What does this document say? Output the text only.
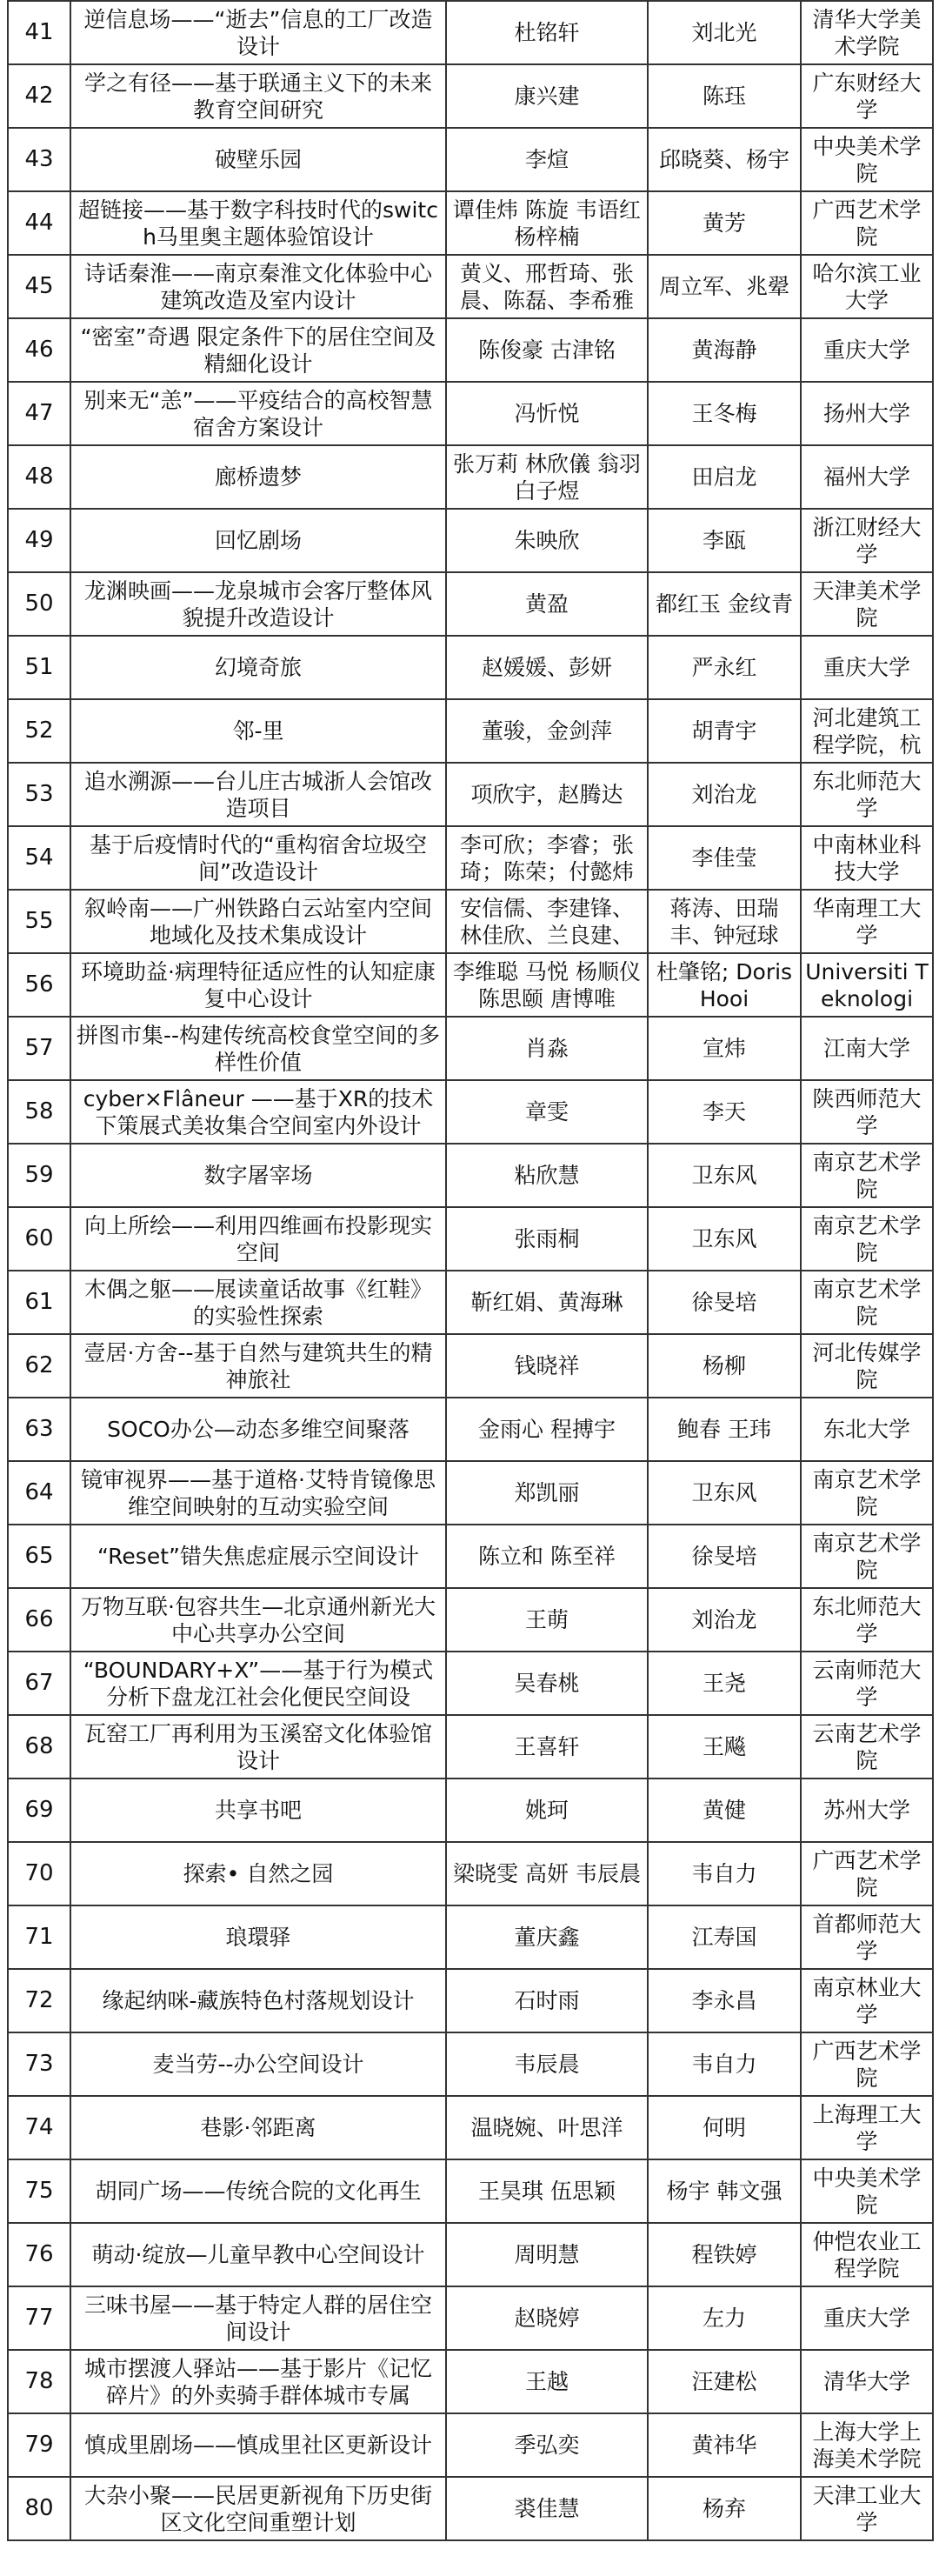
41	逆信息场——“逝去”信息的工厂改造设计	杜铭轩	刘北光	清华大学美术学院
42	学之有径——基于联通主义下的未来教育空间研究	康兴建	陈珏	广东财经大学
43	破壁乐园	李煊	邱晓葵、杨宇	中央美术学院
44	超链接——基于数字科技时代的switch马里奥主题体验馆设计	谭佳炜 陈旋 韦语红 杨梓楠	黄芳	广西艺术学院
45	诗话秦淮——南京秦淮文化体验中心建筑改造及室内设计	黄义、邢哲琦、张晨、陈磊、李希雅	周立军、兆翚	哈尔滨工业大学
46	“密室”奇遇 限定条件下的居住空间及精細化设计	陈俊豪 古津铭	黄海静	重庆大学
47	别来无“恙”——平疫结合的高校智慧宿舍方案设计	冯忻悦	王冬梅	扬州大学
48	廊桥遗梦	张万莉 林欣儀 翁羽 白子煜	田启龙	福州大学
49	回忆剧场	朱映欣	李瓯	浙江财经大学
50	龙渊映画——龙泉城市会客厅整体风貌提升改造设计	黄盈	都红玉 金纹青	天津美术学院
51	幻境奇旅	赵媛媛、彭妍	严永红	重庆大学
52	邻-里	董骏，金剑萍	胡青宇	河北建筑工程学院，杭
53	追水溯源——台儿庄古城浙人会馆改造项目	项欣宇，赵腾达	刘治龙	东北师范大学
54	基于后疫情时代的“重构宿舍垃圾空间”改造设计	李可欣；李睿；张琦；陈荣；付懿炜	李佳莹	中南林业科技大学
55	叙岭南——广州铁路白云站室内空间地域化及技术集成设计	安信儒、李建锋、林佳欣、兰良建、	蒋涛、田瑞丰、钟冠球	华南理工大学
56	环境助益·病理特征适应性的认知症康复中心设计	李维聪 马悦 杨顺仪 陈思颐 唐博唯	杜肇铭; Doris Hooi	Universiti Teknologi
57	拼图市集--构建传统高校食堂空间的多样性价值	肖淼	宣炜	江南大学
58	cyber×Flâneur ——基于XR的技术下策展式美妆集合空间室内外设计	章雯	李天	陕西师范大学
59	数字屠宰场	粘欣慧	卫东风	南京艺术学院
60	向上所绘——利用四维画布投影现实空间	张雨桐	卫东风	南京艺术学院
61	木偶之躯——展读童话故事《红鞋》的实验性探索	靳红娟、黄海琳	徐旻培	南京艺术学院
62	壹居·方舍--基于自然与建筑共生的精神旅社	钱晓祥	杨柳	河北传媒学院
63	SOCO办公—动态多维空间聚落	金雨心 程搏宇	鲍春 王玮	东北大学
64	镜审视界——基于道格·艾特肯镜像思维空间映射的互动实验空间	郑凯丽	卫东风	南京艺术学院
65	“Reset”错失焦虑症展示空间设计	陈立和 陈至祥	徐旻培	南京艺术学院
66	万物互联·包容共生—北京通州新光大中心共享办公空间	王萌	刘治龙	东北师范大学
67	“BOUNDARY+X”——基于行为模式分析下盘龙江社会化便民空间设	吴春桃	王尧	云南师范大学
68	瓦窑工厂再利用为玉溪窑文化体验馆设计	王喜轩	王飚	云南艺术学院
69	共享书吧	姚珂	黄健	苏州大学
70	探索• 自然之园	梁晓雯 高妍 韦辰晨	韦自力	广西艺术学院
71	琅環驿	董庆鑫	江寿国	首都师范大学
72	缘起纳咪-藏族特色村落规划设计	石时雨	李永昌	南京林业大学
73	麦当劳--办公空间设计	韦辰晨	韦自力	广西艺术学院
74	巷影·邻距离	温晓婉、叶思洋	何明	上海理工大学
75	胡同广场——传统合院的文化再生	王昊琪 伍思颖	杨宇 韩文强	中央美术学院
76	萌动·绽放—儿童早教中心空间设计	周明慧	程铁婷	仲恺农业工程学院
77	三味书屋——基于特定人群的居住空间设计	赵晓婷	左力	重庆大学
78	城市摆渡人驿站——基于影片《记忆碎片》的外卖骑手群体城市专属	王越	汪建松	清华大学
79	慎成里剧场——慎成里社区更新设计	季弘奕	黄祎华	上海大学上海美术学院
80	大杂小聚——民居更新视角下历史街区文化空间重塑计划	裘佳慧	杨弃	天津工业大学
